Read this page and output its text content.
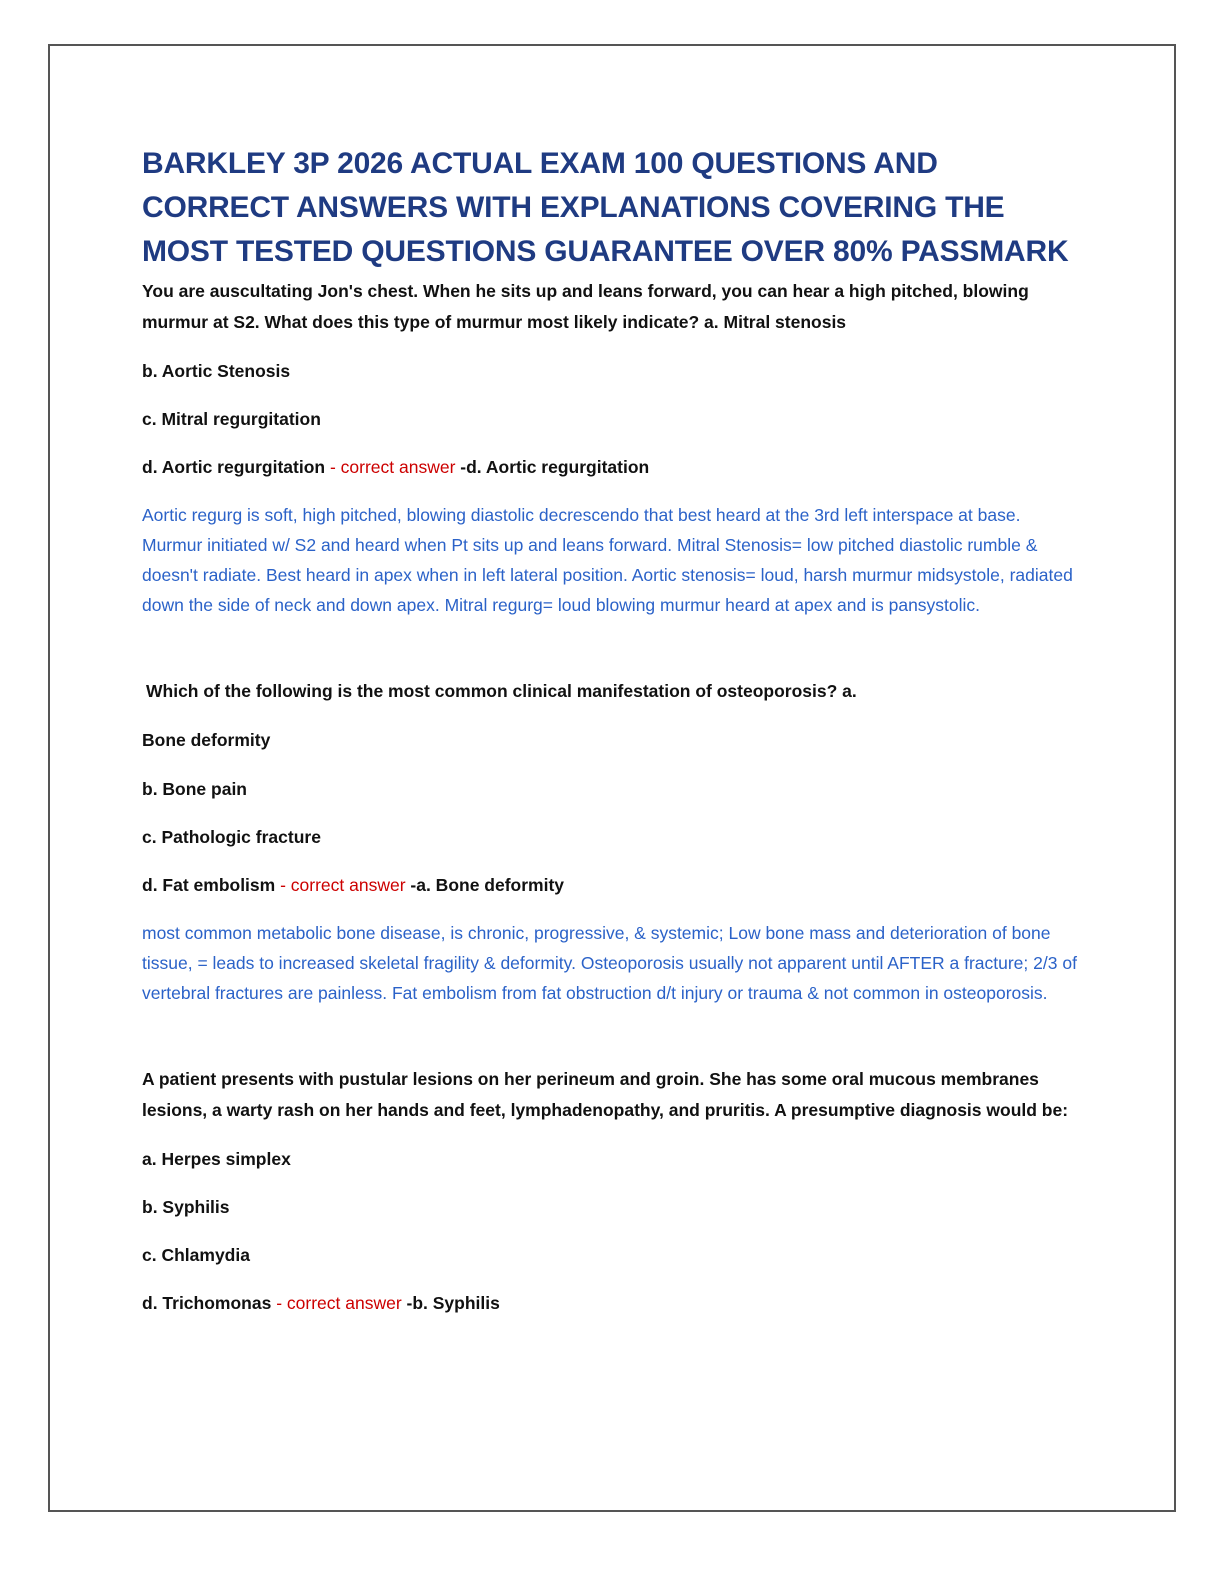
BARKLEY 3P 2026 ACTUAL EXAM 100 QUESTIONS AND CORRECT ANSWERS WITH EXPLANATIONS COVERING THE MOST TESTED QUESTIONS GUARANTEE OVER 80% PASSMARK

You are auscultating Jon's chest. When he sits up and leans forward, you can hear a high pitched, blowing murmur at S2. What does this type of murmur most likely indicate? a. Mitral stenosis

b. Aortic Stenosis

c. Mitral regurgitation

d. Aortic regurgitation - correct answer -d. Aortic regurgitation

Aortic regurg is soft, high pitched, blowing diastolic decrescendo that best heard at the 3rd left interspace at base. Murmur initiated w/ S2 and heard when Pt sits up and leans forward. Mitral Stenosis= low pitched diastolic rumble & doesn't radiate. Best heard in apex when in left lateral position. Aortic stenosis= loud, harsh murmur midsystole, radiated down the side of neck and down apex. Mitral regurg= loud blowing murmur heard at apex and is pansystolic.

Which of the following is the most common clinical manifestation of osteoporosis? a.

Bone deformity

b. Bone pain

c. Pathologic fracture

d. Fat embolism - correct answer -a. Bone deformity

most common metabolic bone disease, is chronic, progressive, & systemic; Low bone mass and deterioration of bone tissue, = leads to increased skeletal fragility & deformity. Osteoporosis usually not apparent until AFTER a fracture; 2/3 of vertebral fractures are painless. Fat embolism from fat obstruction d/t injury or trauma & not common in osteoporosis.

A patient presents with pustular lesions on her perineum and groin. She has some oral mucous membranes lesions, a warty rash on her hands and feet, lymphadenopathy, and pruritis. A presumptive diagnosis would be:

a. Herpes simplex

b. Syphilis

c. Chlamydia

d. Trichomonas - correct answer -b. Syphilis
